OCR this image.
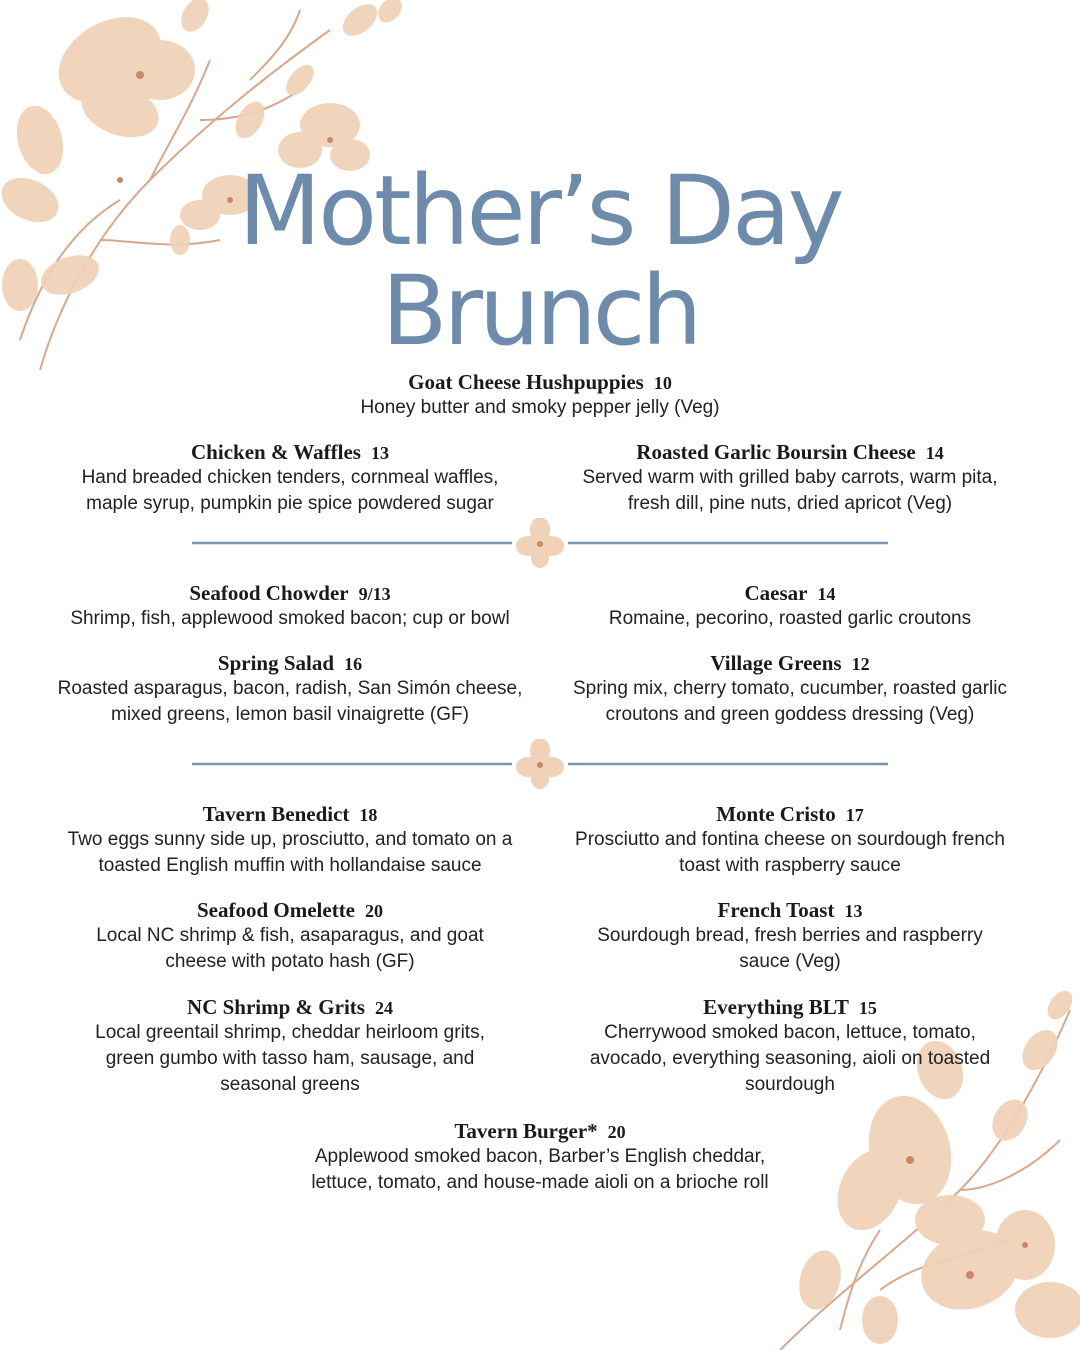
Mother’s Day
Brunch
Goat Cheese Hushpuppies 10
Honey butter and smoky pepper jelly (Veg)
Chicken & Waffles 13
Hand breaded chicken tenders, cornmeal waffles,
maple syrup, pumpkin pie spice powdered sugar
Roasted Garlic Boursin Cheese 14
Served warm with grilled baby carrots, warm pita,
fresh dill, pine nuts, dried apricot (Veg)
Seafood Chowder 9/13
Shrimp, fish, applewood smoked bacon; cup or bowl
Caesar 14
Romaine, pecorino, roasted garlic croutons
Spring Salad 16
Roasted asparagus, bacon, radish, San Simón cheese,
mixed greens, lemon basil vinaigrette (GF)
Village Greens 12
Spring mix, cherry tomato, cucumber, roasted garlic
croutons and green goddess dressing (Veg)
Tavern Benedict 18
Two eggs sunny side up, prosciutto, and tomato on a
toasted English muffin with hollandaise sauce
Monte Cristo 17
Prosciutto and fontina cheese on sourdough french
toast with raspberry sauce
Seafood Omelette 20
Local NC shrimp & fish, asaparagus, and goat
cheese with potato hash (GF)
French Toast 13
Sourdough bread, fresh berries and raspberry
sauce (Veg)
NC Shrimp & Grits 24
Local greentail shrimp, cheddar heirloom grits,
green gumbo with tasso ham, sausage, and
seasonal greens
Everything BLT 15
Cherrywood smoked bacon, lettuce, tomato,
avocado, everything seasoning, aioli on toasted
sourdough
Tavern Burger* 20
Applewood smoked bacon, Barber’s English cheddar,
lettuce, tomato, and house-made aioli on a brioche roll
